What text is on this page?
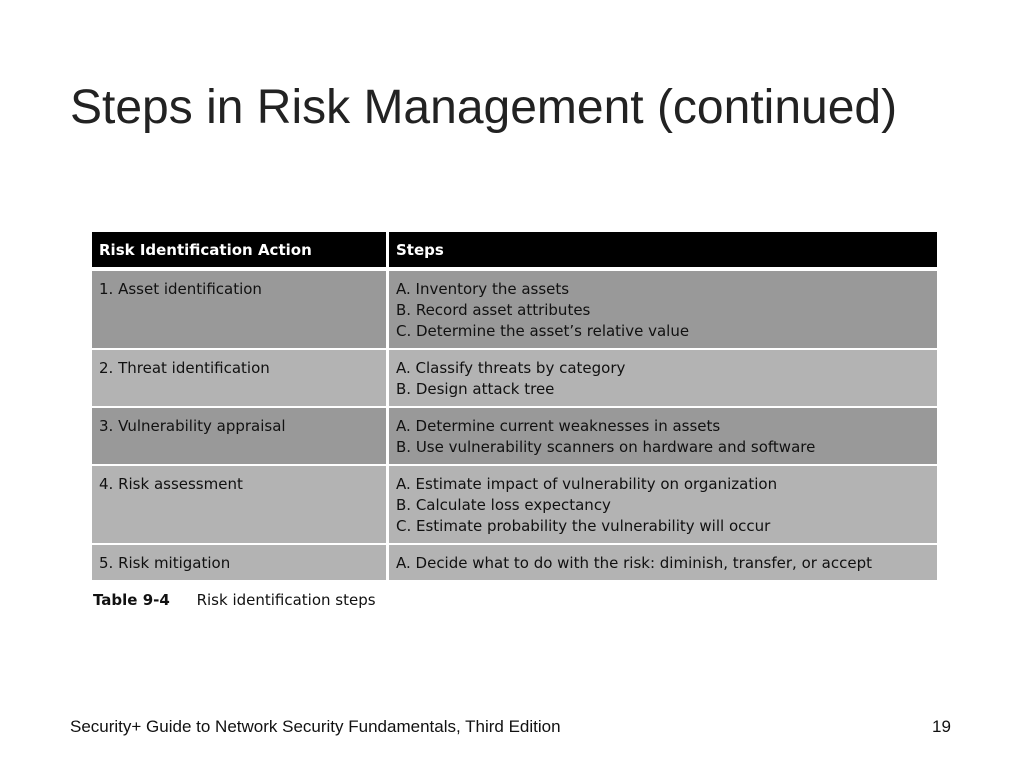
Steps in Risk Management (continued)
Risk Identification Action	Steps
1. Asset identification	A. Inventory the assets
B. Record asset attributes
C. Determine the asset’s relative value

2. Threat identification	A. Classify threats by category
B. Design attack tree

3. Vulnerability appraisal	A. Determine current weaknesses in assets
B. Use vulnerability scanners on hardware and software

4. Risk assessment	A. Estimate impact of vulnerability on organization
B. Calculate loss expectancy
C. Estimate probability the vulnerability will occur

5. Risk mitigation	A. Decide what to do with the risk: diminish, transfer, or accept
Table 9-4 Risk identification steps
Security+ Guide to Network Security Fundamentals, Third Edition	19
